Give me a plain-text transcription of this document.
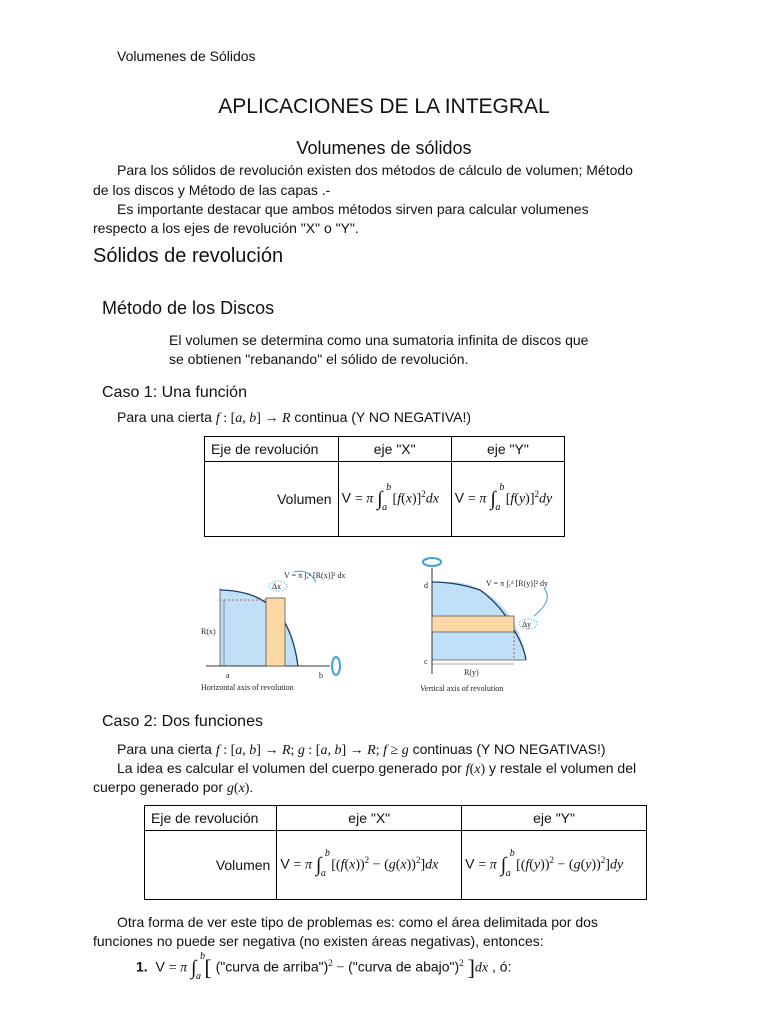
Volumenes de Sólidos
APLICACIONES DE LA INTEGRAL
Volumenes de sólidos
Para los sólidos de revolución existen dos métodos de cálculo de volumen; Método
de los discos y Método de las capas .-
Es importante destacar que ambos métodos sirven para calcular volumenes
respecto a los ejes de revolución "X" o "Y".
Sólidos de revolución
Método de los Discos
El volumen se determina como una sumatoria infinita de discos que
se obtienen "rebanando" el sólido de revolución.
Caso 1: Una función
Para una cierta f : [a, b] → R continua (Y NO NEGATIVA!)
Eje de revolución	eje "X"	eje "Y"
Volumen	V = π ∫
b
a
$[f(x)]^2dx$	V = π ∫
b
a
$[f(y)]^2dy$
R(x)
a	b
V = π ∫ₐᵇ [R(x)]² dx
Δx
Horizontal axis of revolution
R(y)
d
c
V = π ∫꜀ᵈ [R(y)]² dy
Δy
Vertical axis of revolution
Caso 2: Dos funciones
Para una cierta f : [a, b] → R; g : [a, b] → R; f ≥ g continuas (Y NO NEGATIVAS!)
La idea es calcular el volumen del cuerpo generado por f(x) y restale el volumen del
cuerpo generado por g(x).
Eje de revolución	eje "X"	eje "Y"
Volumen	V = π ∫
b
a
$[(f(x))^2 - (g(x))^2]dx$	V = π ∫
b
a
$[(f(y))^2 - (g(y))^2]dy$
Otra forma de ver este tipo de problemas es: como el área delimitada por dos
funciones no puede ser negativa (no existen áreas negativas), entonces:
1.  V = π ∫
b
a [ ("curva de arriba")$^2$ − ("curva de abajo")$^2$ ]dx , ó:
